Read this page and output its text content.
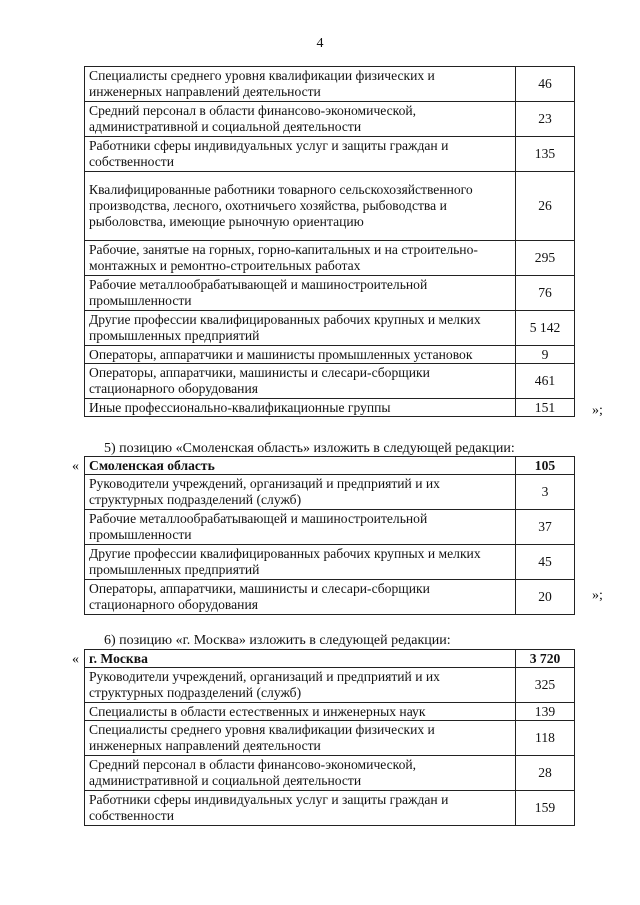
4
Специалисты среднего уровня квалификации физических и инженерных направлений деятельности	46
Средний персонал в области финансово-экономической, административной и социальной деятельности	23
Работники сферы индивидуальных услуг и защиты граждан и собственности	135
Квалифицированные работники товарного сельскохозяйственного производства, лесного, охотничьего хозяйства, рыбоводства и рыболовства, имеющие рыночную ориентацию	26
Рабочие, занятые на горных, горно-капитальных и на строительно-монтажных и ремонтно-строительных работах	295
Рабочие металлообрабатывающей и машиностроительной промышленности	76
Другие профессии квалифицированных рабочих крупных и мелких промышленных предприятий	5 142
Операторы, аппаратчики и машинисты промышленных установок	9
Операторы, аппаратчики, машинисты и слесари-сборщики стационарного оборудования	461
Иные профессионально-квалификационные группы	151	»;
5) позицию «Смоленская область» изложить в следующей редакции:
« Смоленская область	105
Руководители учреждений, организаций и предприятий и их структурных подразделений (служб)	3
Рабочие металлообрабатывающей и машиностроительной промышленности	37
Другие профессии квалифицированных рабочих крупных и мелких промышленных предприятий	45
Операторы, аппаратчики, машинисты и слесари-сборщики стационарного оборудования	20	»;
6) позицию «г. Москва» изложить в следующей редакции:
« г. Москва	3 720
Руководители учреждений, организаций и предприятий и их структурных подразделений (служб)	325
Специалисты в области естественных и инженерных наук	139
Специалисты среднего уровня квалификации физических и инженерных направлений деятельности	118
Средний персонал в области финансово-экономической, административной и социальной деятельности	28
Работники сферы индивидуальных услуг и защиты граждан и собственности	159
